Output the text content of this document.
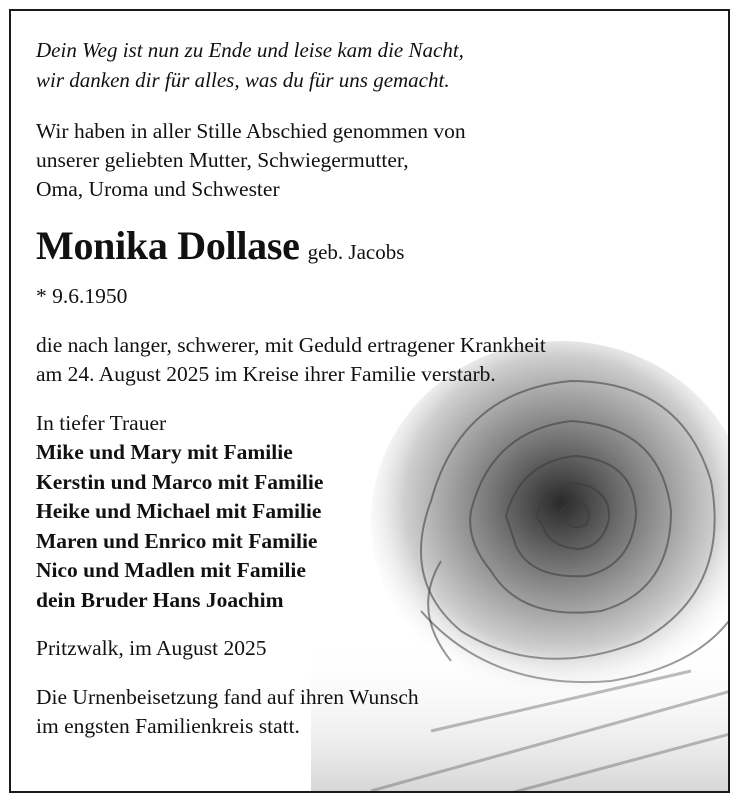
Dein Weg ist nun zu Ende und leise kam die Nacht,
wir danken dir für alles, was du für uns gemacht.

Wir haben in aller Stille Abschied genommen von
unserer geliebten Mutter, Schwiegermutter,
Oma, Uroma und Schwester
Monika Dollase geb. Jacobs
* 9.6.1950
die nach langer, schwerer, mit Geduld ertragener Krankheit
am 24. August 2025 im Kreise ihrer Familie verstarb.
In tiefer Trauer
Mike und Mary mit Familie
Kerstin und Marco mit Familie
Heike und Michael mit Familie
Maren und Enrico mit Familie
Nico und Madlen mit Familie
dein Bruder Hans Joachim
Pritzwalk, im August 2025
Die Urnenbeisetzung fand auf ihren Wunsch
im engsten Familienkreis statt.
